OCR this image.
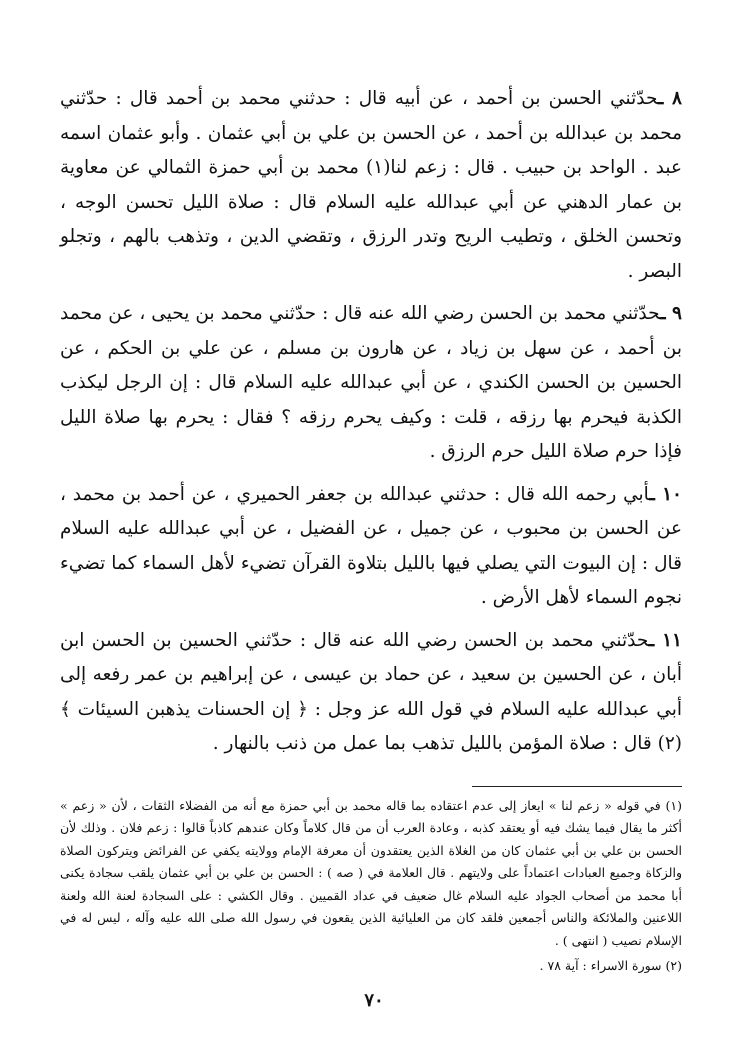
٨ ـحدّثني الحسن بن أحمد ، عن أبيه قال : حدثني محمد بن أحمد قال : حدّثني محمد بن عبدالله بن أحمد ، عن الحسن بن علي بن أبي عثمان . وأبو عثمان اسمه عبد . الواحد بن حبيب . قال : زعم لنا(١) محمد بن أبي حمزة الثمالي عن معاوية بن عمار الدهني عن أبي عبدالله عليه السلام قال : صلاة الليل تحسن الوجه ، وتحسن الخلق ، وتطيب الريح وتدر الرزق ، وتقضي الدين ، وتذهب بالهم ، وتجلو البصر .

٩ ـحدّثني محمد بن الحسن رضي الله عنه قال : حدّثني محمد بن يحيى ، عن محمد بن أحمد ، عن سهل بن زياد ، عن هارون بن مسلم ، عن علي بن الحكم ، عن الحسين بن الحسن الكندي ، عن أبي عبدالله عليه السلام قال : إن الرجل ليكذب الكذبة فيحرم بها رزقه ، قلت : وكيف يحرم رزقه ؟ فقال : يحرم بها صلاة الليل فإذا حرم صلاة الليل حرم الرزق .

١٠ ـأبي رحمه الله قال : حدثني عبدالله بن جعفر الحميري ، عن أحمد بن محمد ، عن الحسن بن محبوب ، عن جميل ، عن الفضيل ، عن أبي عبدالله عليه السلام قال : إن البيوت التي يصلي فيها بالليل بتلاوة القرآن تضيء لأهل السماء كما تضيء نجوم السماء لأهل الأرض .

١١ ـحدّثني محمد بن الحسن رضي الله عنه قال : حدّثني الحسين بن الحسن ابن أبان ، عن الحسين بن سعيد ، عن حماد بن عيسى ، عن إبراهيم بن عمر رفعه إلى أبي عبدالله عليه السلام في قول الله عز وجل : ﴿ إن الحسنات يذهبن السيئات ﴾(٢) قال : صلاة المؤمن بالليل تذهب بما عمل من ذنب بالنهار .

(١) في قوله « زعم لنا » ايعاز إلى عدم اعتقاده بما قاله محمد بن أبي حمزة مع أنه من الفضلاء الثقات ، لأن « زعم » أكثر ما يقال فيما يشك فيه أو يعتقد كذبه ، وعادة العرب أن من قال كلاماً وكان عندهم كاذباً قالوا : زعم فلان . وذلك لأن الحسن بن علي بن أبي عثمان كان من الغلاة الذين يعتقدون أن معرفة الإمام وولايته يكفي عن الفرائض ويتركون الصلاة والزكاة وجميع العبادات اعتماداً على ولايتهم . قال العلامة في ( صه ) : الحسن بن علي بن أبي عثمان يلقب سجادة يكنى أبا محمد من أصحاب الجواد عليه السلام غال ضعيف في عداد القميين . وقال الكشي : على السجادة لعنة الله ولعنة اللاعنين والملائكة والناس أجمعين فلقد كان من العليائية الذين يقعون في رسول الله صلى الله عليه وآله ، ليس له في الإسلام نصيب ( انتهى ) .

(٢) سورة الاسراء : آية ٧٨ .

٧٠
